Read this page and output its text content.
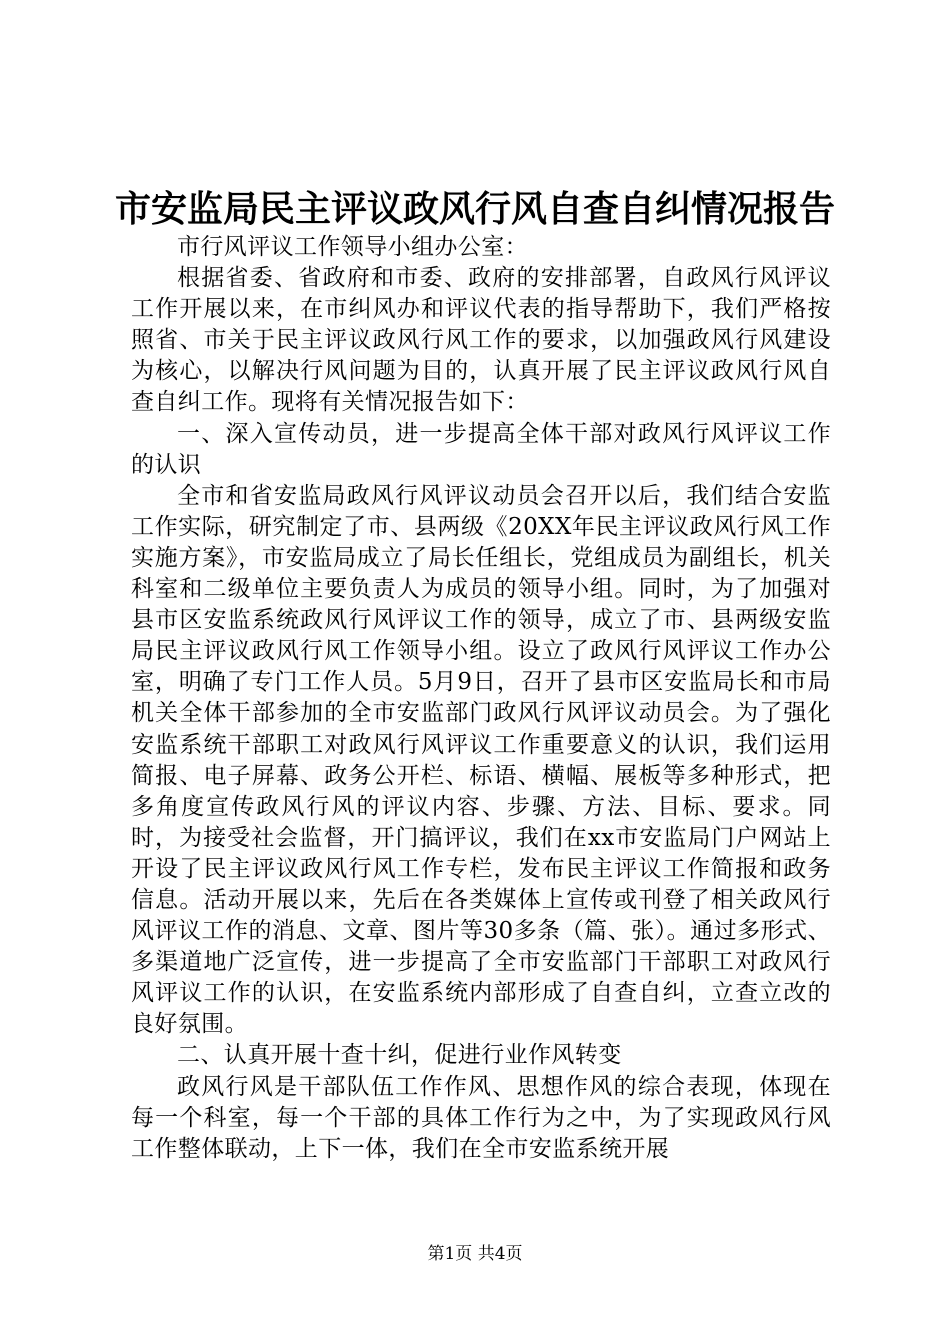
市安监局民主评议政风行风自查自纠情况报告

市行风评议工作领导小组办公室：

根据省委、省政府和市委、政府的安排部署，自政风行风评议工作开展以来，在市纠风办和评议代表的指导帮助下，我们严格按照省、市关于民主评议政风行风工作的要求，以加强政风行风建设为核心，以解决行风问题为目的，认真开展了民主评议政风行风自查自纠工作。现将有关情况报告如下：

一、深入宣传动员，进一步提高全体干部对政风行风评议工作的认识

全市和省安监局政风行风评议动员会召开以后，我们结合安监工作实际，研究制定了市、县两级《20XX年民主评议政风行风工作实施方案》，市安监局成立了局长任组长，党组成员为副组长，机关科室和二级单位主要负责人为成员的领导小组。同时，为了加强对县市区安监系统政风行风评议工作的领导，成立了市、县两级安监局民主评议政风行风工作领导小组。设立了政风行风评议工作办公室，明确了专门工作人员。5月9日，召开了县市区安监局长和市局机关全体干部参加的全市安监部门政风行风评议动员会。为了强化安监系统干部职工对政风行风评议工作重要意义的认识，我们运用简报、电子屏幕、政务公开栏、标语、横幅、展板等多种形式，把多角度宣传政风行风的评议内容、步骤、方法、目标、要求。同时，为接受社会监督，开门搞评议，我们在xx市安监局门户网站上开设了民主评议政风行风工作专栏，发布民主评议工作简报和政务信息。活动开展以来，先后在各类媒体上宣传或刊登了相关政风行风评议工作的消息、文章、图片等30多条（篇、张）。通过多形式、多渠道地广泛宣传，进一步提高了全市安监部门干部职工对政风行风评议工作的认识，在安监系统内部形成了自查自纠，立查立改的良好氛围。

二、认真开展十查十纠，促进行业作风转变

政风行风是干部队伍工作作风、思想作风的综合表现，体现在每一个科室，每一个干部的具体工作行为之中，为了实现政风行风工作整体联动，上下一体，我们在全市安监系统开展

第1页 共4页
